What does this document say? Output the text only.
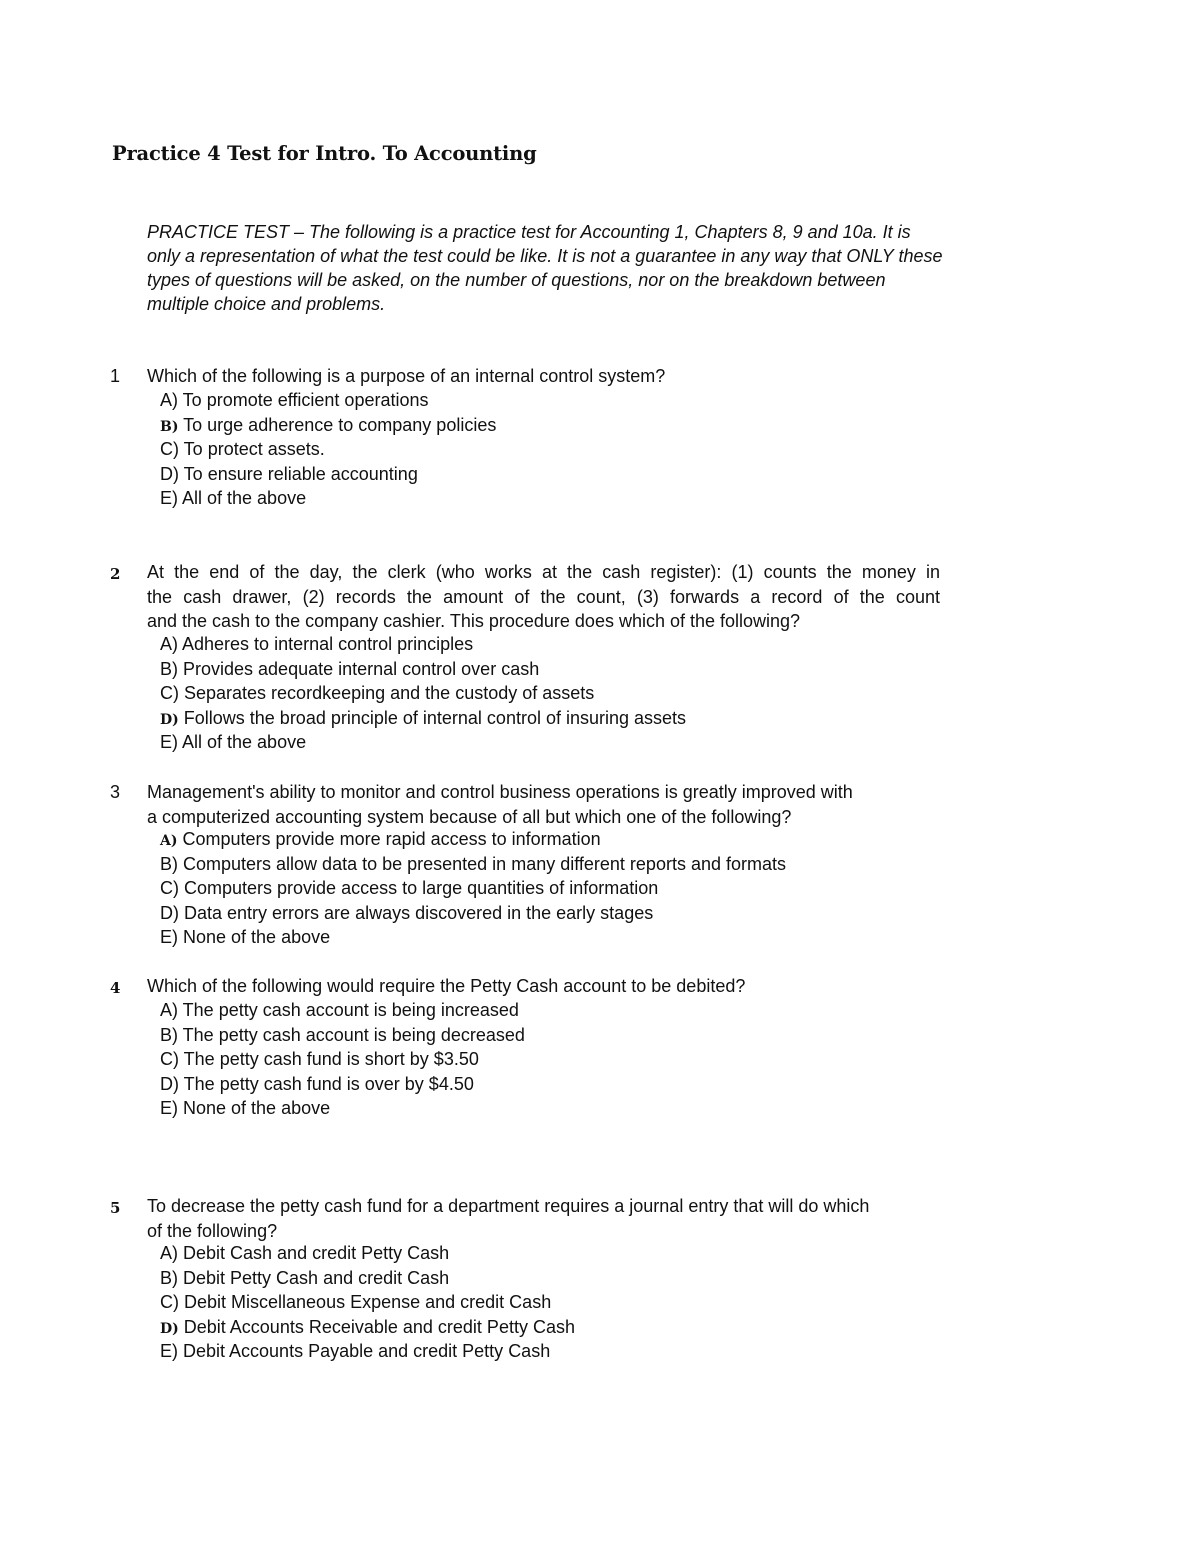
Practice 4 Test for Intro. To Accounting
PRACTICE TEST – The following is a practice test for Accounting 1, Chapters 8, 9 and 10a. It is
only a representation of what the test could be like. It is not a guarantee in any way that ONLY these
types of questions will be asked, on the number of questions, nor on the breakdown between
multiple choice and problems.
1 Which of the following is a purpose of an internal control system?
A) To promote efficient operations
B) To urge adherence to company policies
C) To protect assets.
D) To ensure reliable accounting
E) All of the above
2 At the end of the day, the clerk (who works at the cash register): (1) counts the money in
the cash drawer, (2) records the amount of the count, (3) forwards a record of the count
and the cash to the company cashier. This procedure does which of the following?
A) Adheres to internal control principles
B) Provides adequate internal control over cash
C) Separates recordkeeping and the custody of assets
D) Follows the broad principle of internal control of insuring assets
E) All of the above
3 Management's ability to monitor and control business operations is greatly improved with
a computerized accounting system because of all but which one of the following?
A) Computers provide more rapid access to information
B) Computers allow data to be presented in many different reports and formats
C) Computers provide access to large quantities of information
D) Data entry errors are always discovered in the early stages
E) None of the above
4 Which of the following would require the Petty Cash account to be debited?
A) The petty cash account is being increased
B) The petty cash account is being decreased
C) The petty cash fund is short by $3.50
D) The petty cash fund is over by $4.50
E) None of the above
5 To decrease the petty cash fund for a department requires a journal entry that will do which
of the following?
A) Debit Cash and credit Petty Cash
B) Debit Petty Cash and credit Cash
C) Debit Miscellaneous Expense and credit Cash
D) Debit Accounts Receivable and credit Petty Cash
E) Debit Accounts Payable and credit Petty Cash
